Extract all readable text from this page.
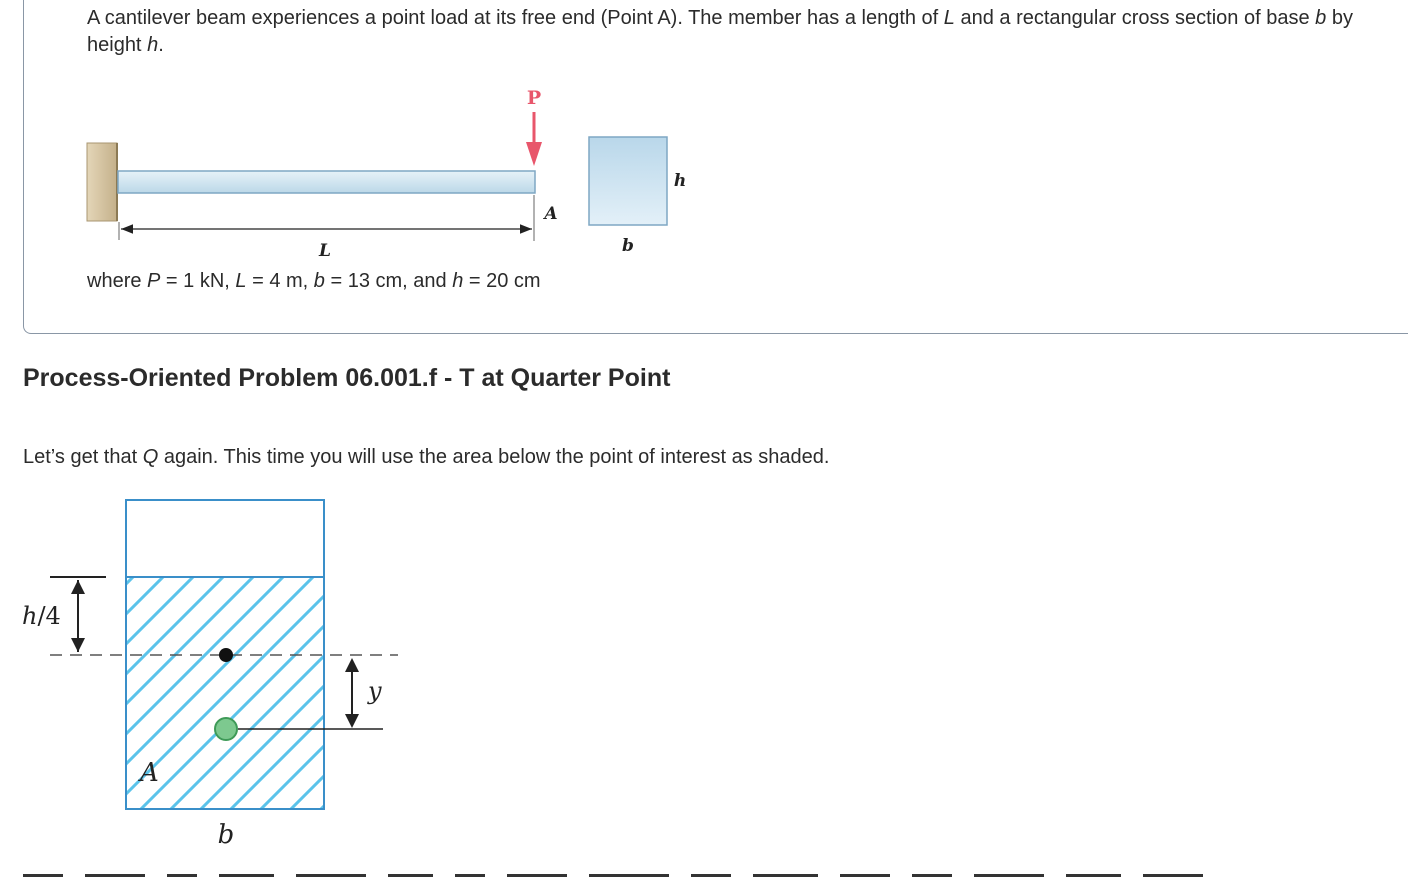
A cantilever beam experiences a point load at its free end (Point A). The member has a length of L and a rectangular cross section of base b by height h.
P
A
L
h
b
where P = 1 kN, L = 4 m, b = 13 cm, and h = 20 cm
Process-Oriented Problem 06.001.f - T at Quarter Point
Let’s get that Q again. This time you will use the area below the point of interest as shaded.
h/4
y
A
b
